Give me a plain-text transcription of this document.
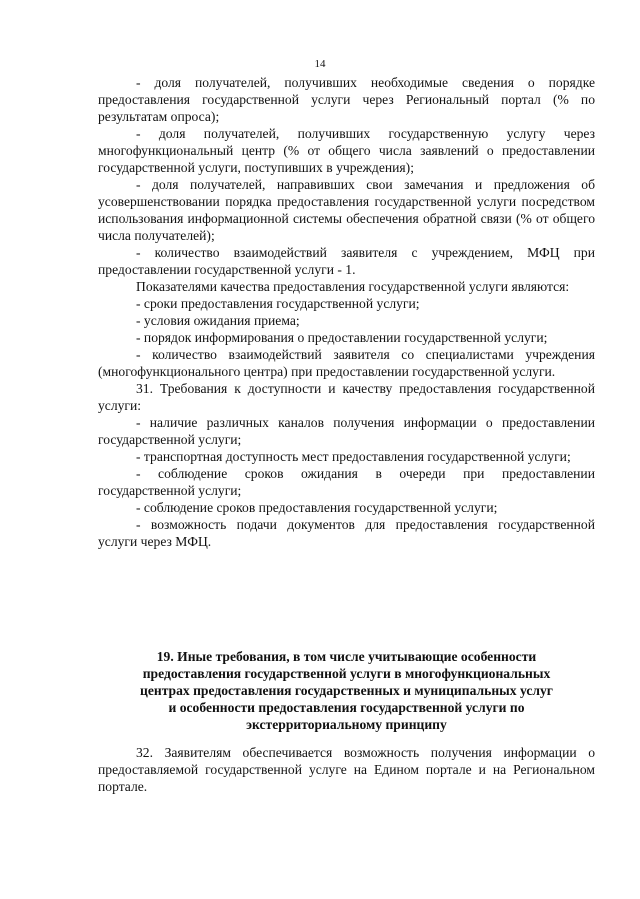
14

- доля получателей, получивших необходимые сведения о порядке предоставления государственной услуги через Региональный портал (% по результатам опроса);

- доля получателей, получивших государственную услугу через многофункциональный центр (% от общего числа заявлений о предоставлении государственной услуги, поступивших в учреждения);

- доля получателей, направивших свои замечания и предложения об усовершенствовании порядка предоставления государственной услуги посредством использования информационной системы обеспечения обратной связи (% от общего числа получателей);

- количество взаимодействий заявителя с учреждением, МФЦ при предоставлении государственной услуги - 1.

Показателями качества предоставления государственной услуги являются:

- сроки предоставления государственной услуги;

- условия ожидания приема;

- порядок информирования о предоставлении государственной услуги;

- количество взаимодействий заявителя со специалистами учреждения (многофункционального центра) при предоставлении государственной услуги.

31. Требования к доступности и качеству предоставления государственной услуги:

- наличие различных каналов получения информации о предоставлении государственной услуги;

- транспортная доступность мест предоставления государственной услуги;

- соблюдение сроков ожидания в очереди при предоставлении государственной услуги;

- соблюдение сроков предоставления государственной услуги;

- возможность подачи документов для предоставления государственной услуги через МФЦ.

19. Иные требования, в том числе учитывающие особенности
предоставления государственной услуги в многофункциональных
центрах предоставления государственных и муниципальных услуг
и особенности предоставления государственной услуги по
экстерриториальному принципу

32. Заявителям обеспечивается возможность получения информации о предоставляемой государственной услуге на Едином портале и на Региональном портале.
